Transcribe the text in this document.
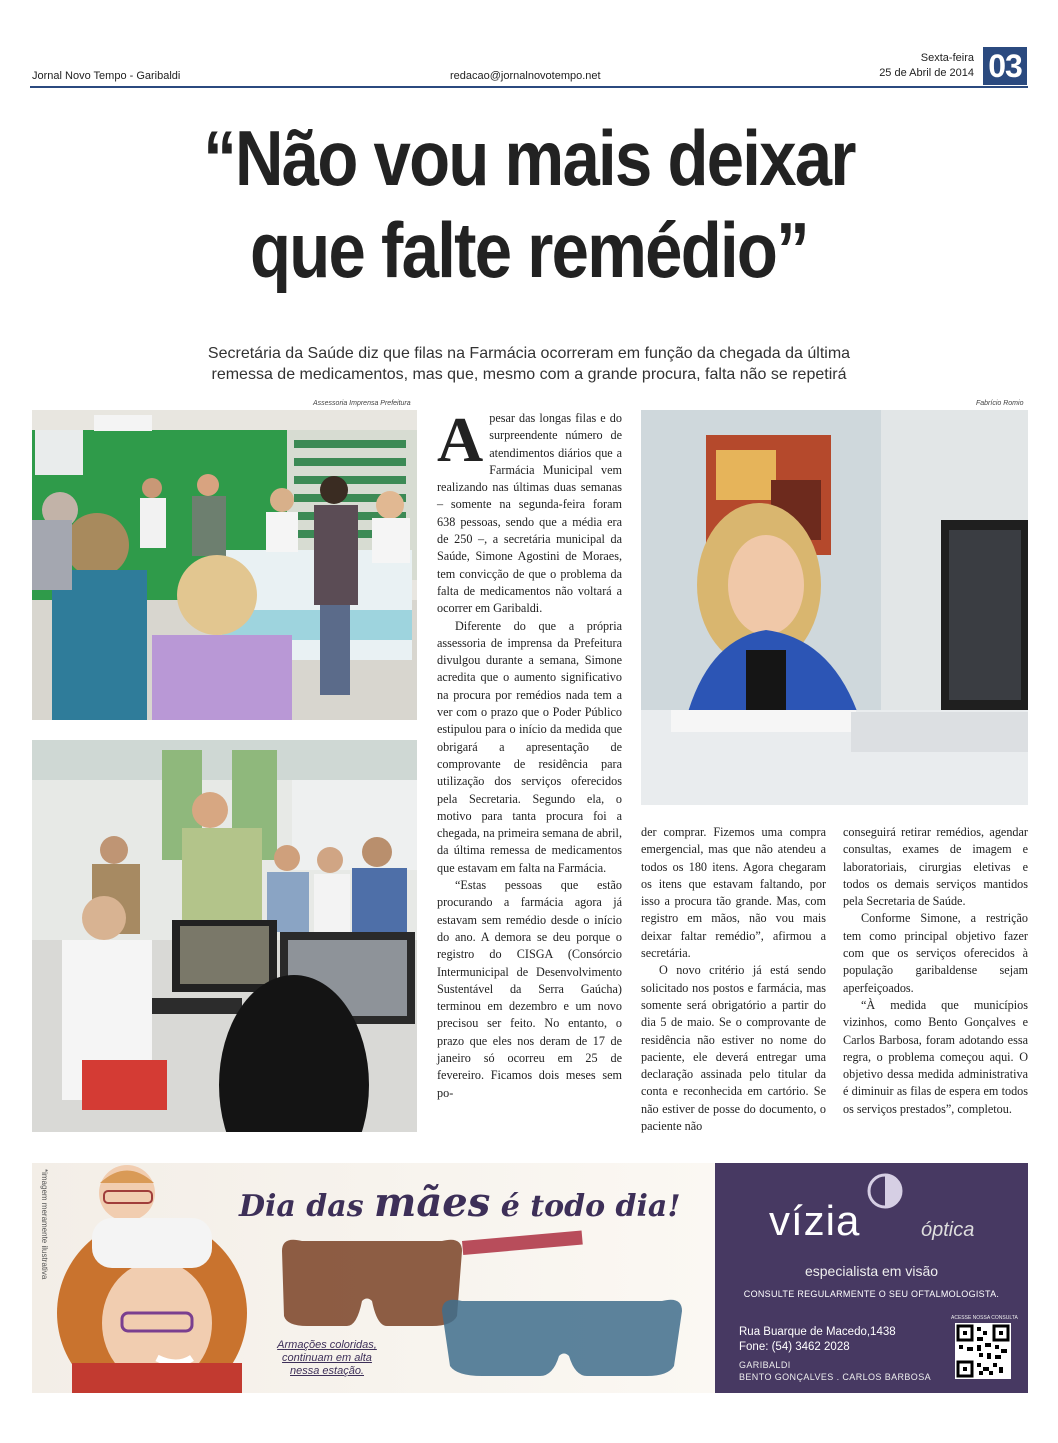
Jornal Novo Tempo - Garibaldi	redacao@jornalnovotempo.net
Sexta-feira
25 de Abril de 2014 03
“Não vou mais deixar
que falte remédio”
Secretária da Saúde diz que filas na Farmácia ocorreram em função da chegada da última
remessa de medicamentos, mas que, mesmo com a grande procura, falta não se repetirá
Assessoria Imprensa Prefeitura	Fabrício Romio
A pesar das longas filas e do surpreendente número de atendimentos diários que a Farmácia Municipal vem realizando nas últimas duas semanas – somente na segunda-feira foram 638 pessoas, sendo que a média era de 250 –, a secretária municipal da Saúde, Simone Agostini de Moraes, tem convicção de que o problema da falta de medicamentos não voltará a ocorrer em Garibaldi.

Diferente do que a própria assessoria de imprensa da Prefeitura divulgou durante a semana, Simone acredita que o aumento significativo na procura por remédios nada tem a ver com o prazo que o Poder Público estipulou para o início da medida que obrigará a apresentação de comprovante de residência para utilização dos serviços oferecidos pela Secretaria. Segundo ela, o motivo para tanta procura foi a chegada, na primeira semana de abril, da última remessa de medicamentos que estavam em falta na Farmácia.

“Estas pessoas que estão procurando a farmácia agora já estavam sem remédio desde o início do ano. A demora se deu porque o registro do CISGA (Consórcio Intermunicipal de Desenvolvimento Sustentável da Serra Gaúcha) terminou em dezembro e um novo precisou ser feito. No entanto, o prazo que eles nos deram de 17 de janeiro só ocorreu em 25 de fevereiro. Ficamos dois meses sem po-

der comprar. Fizemos uma compra emergencial, mas que não atendeu a todos os 180 itens. Agora chegaram os itens que estavam faltando, por isso a procura tão grande. Mas, com registro em mãos, não vou mais deixar faltar remédio”, afirmou a secretária.

O novo critério já está sendo solicitado nos postos e farmácia, mas somente será obrigatório a partir do dia 5 de maio. Se o comprovante de residência não estiver no nome do paciente, ele deverá entregar uma declaração assinada pelo titular da conta e reconhecida em cartório. Se não estiver de posse do documento, o paciente não

conseguirá retirar remédios, agendar consultas, exames de imagem e laboratoriais, cirurgias eletivas e todos os demais serviços mantidos pela Secretaria de Saúde.

Conforme Simone, a restrição tem como principal objetivo fazer com que os serviços oferecidos à população garibaldense sejam aperfeiçoados.

“À medida que municípios vizinhos, como Bento Gonçalves e Carlos Barbosa, foram adotando essa regra, o problema começou aqui. O objetivo dessa medida administrativa é diminuir as filas de espera em todos os serviços prestados”, completou.

*imagem meramente ilustrativa	Dia das mães é todo dia!
Armações coloridas,
continuam em alta
nessa estação.
vízia	óptica
especialista em visão
CONSULTE REGULARMENTE O SEU OFTALMOLOGISTA.
Rua Buarque de Macedo,1438
Fone: (54) 3462 2028
GARIBALDI
BENTO GONÇALVES . CARLOS BARBOSA
ACESSE NOSSA CONSULTA
